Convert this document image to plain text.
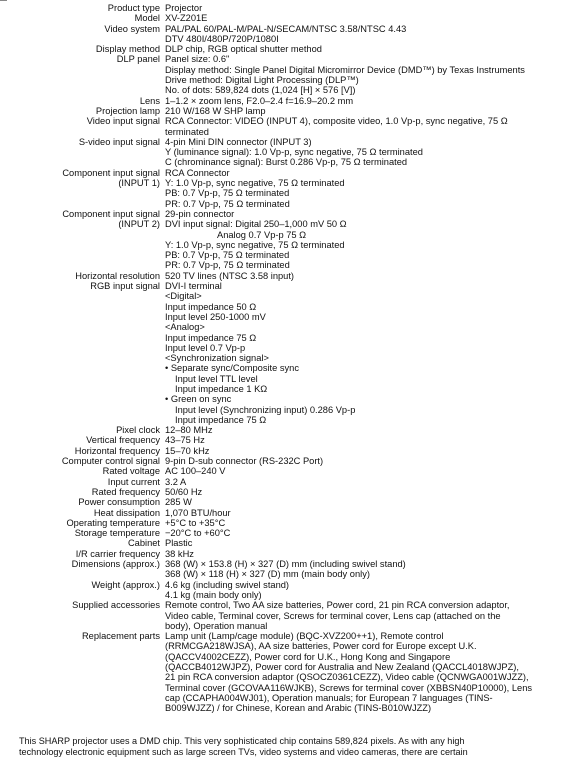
Product type Projector
Model XV-Z201E
Video system PAL/PAL 60/PAL-M/PAL-N/SECAM/NTSC 3.58/NTSC 4.43
DTV 480I/480P/720P/1080I
Display method DLP chip, RGB optical shutter method
DLP panel Panel size: 0.6"
Display method: Single Panel Digital Micromirror Device (DMD™) by Texas Instruments
Drive method: Digital Light Processing (DLP™)
No. of dots: 589,824 dots (1,024 [H] × 576 [V])
Lens 1–1.2 × zoom lens, F2.0–2.4 f=16.9–20.2 mm
Projection lamp 210 W/168 W SHP lamp
Video input signal RCA Connector: VIDEO (INPUT 4), composite video, 1.0 Vp-p, sync negative, 75 Ω
terminated
S-video input signal 4-pin Mini DIN connector (INPUT 3)
Y (luminance signal): 1.0 Vp-p, sync negative, 75 Ω terminated
C (chrominance signal): Burst 0.286 Vp-p, 75 Ω terminated
Component input signal RCA Connector
(INPUT 1) Y: 1.0 Vp-p, sync negative, 75 Ω terminated
PB: 0.7 Vp-p, 75 Ω terminated
PR: 0.7 Vp-p, 75 Ω terminated
Component input signal 29-pin connector
(INPUT 2) DVI input signal: Digital 250–1,000 mV 50 Ω
Analog 0.7 Vp-p 75 Ω
Y: 1.0 Vp-p, sync negative, 75 Ω terminated
PB: 0.7 Vp-p, 75 Ω terminated
PR: 0.7 Vp-p, 75 Ω terminated
Horizontal resolution 520 TV lines (NTSC 3.58 input)
RGB input signal DVI-I terminal
<Digital>
Input impedance 50 Ω
Input level 250-1000 mV
<Analog>
Input impedance 75 Ω
Input level 0.7 Vp-p
<Synchronization signal>
• Separate sync/Composite sync
Input level TTL level
Input impedance 1 KΩ
• Green on sync
Input level (Synchronizing input) 0.286 Vp-p
Input impedance 75 Ω
Pixel clock 12–80 MHz
Vertical frequency 43–75 Hz
Horizontal frequency 15–70 kHz
Computer control signal 9-pin D-sub connector (RS-232C Port)
Rated voltage AC 100–240 V
Input current 3.2 A
Rated frequency 50/60 Hz
Power consumption 285 W
Heat dissipation 1,070 BTU/hour
Operating temperature +5°C to +35°C
Storage temperature −20°C to +60°C
Cabinet Plastic
I/R carrier frequency 38 kHz
Dimensions (approx.) 368 (W) × 153.8 (H) × 327 (D) mm (including swivel stand)
368 (W) × 118 (H) × 327 (D) mm (main body only)
Weight (approx.) 4.6 kg (including swivel stand)
4.1 kg (main body only)
Supplied accessories Remote control, Two AA size batteries, Power cord, 21 pin RCA conversion adaptor,
Video cable, Terminal cover, Screws for terminal cover, Lens cap (attached on the
body), Operation manual
Replacement parts Lamp unit (Lamp/cage module) (BQC-XVZ200++1), Remote control
(RRMCGA218WJSA), AA size batteries, Power cord for Europe except U.K.
(QACCV4002CEZZ), Power cord for U.K., Hong Kong and Singapore
(QACCB4012WJPZ), Power cord for Australia and New Zealand (QACCL4018WJPZ),
21 pin RCA conversion adaptor (QSOCZ0361CEZZ), Video cable (QCNWGA001WJZZ),
Terminal cover (GCOVAA116WJKB), Screws for terminal cover (XBBSN40P10000), Lens
cap (CCAPHA004WJ01), Operation manuals; for European 7 languages (TINS-
B009WJZZ) / for Chinese, Korean and Arabic (TINS-B010WJZZ)
This SHARP projector uses a DMD chip. This very sophisticated chip contains 589,824 pixels. As with any high
technology electronic equipment such as large screen TVs, video systems and video cameras, there are certain
